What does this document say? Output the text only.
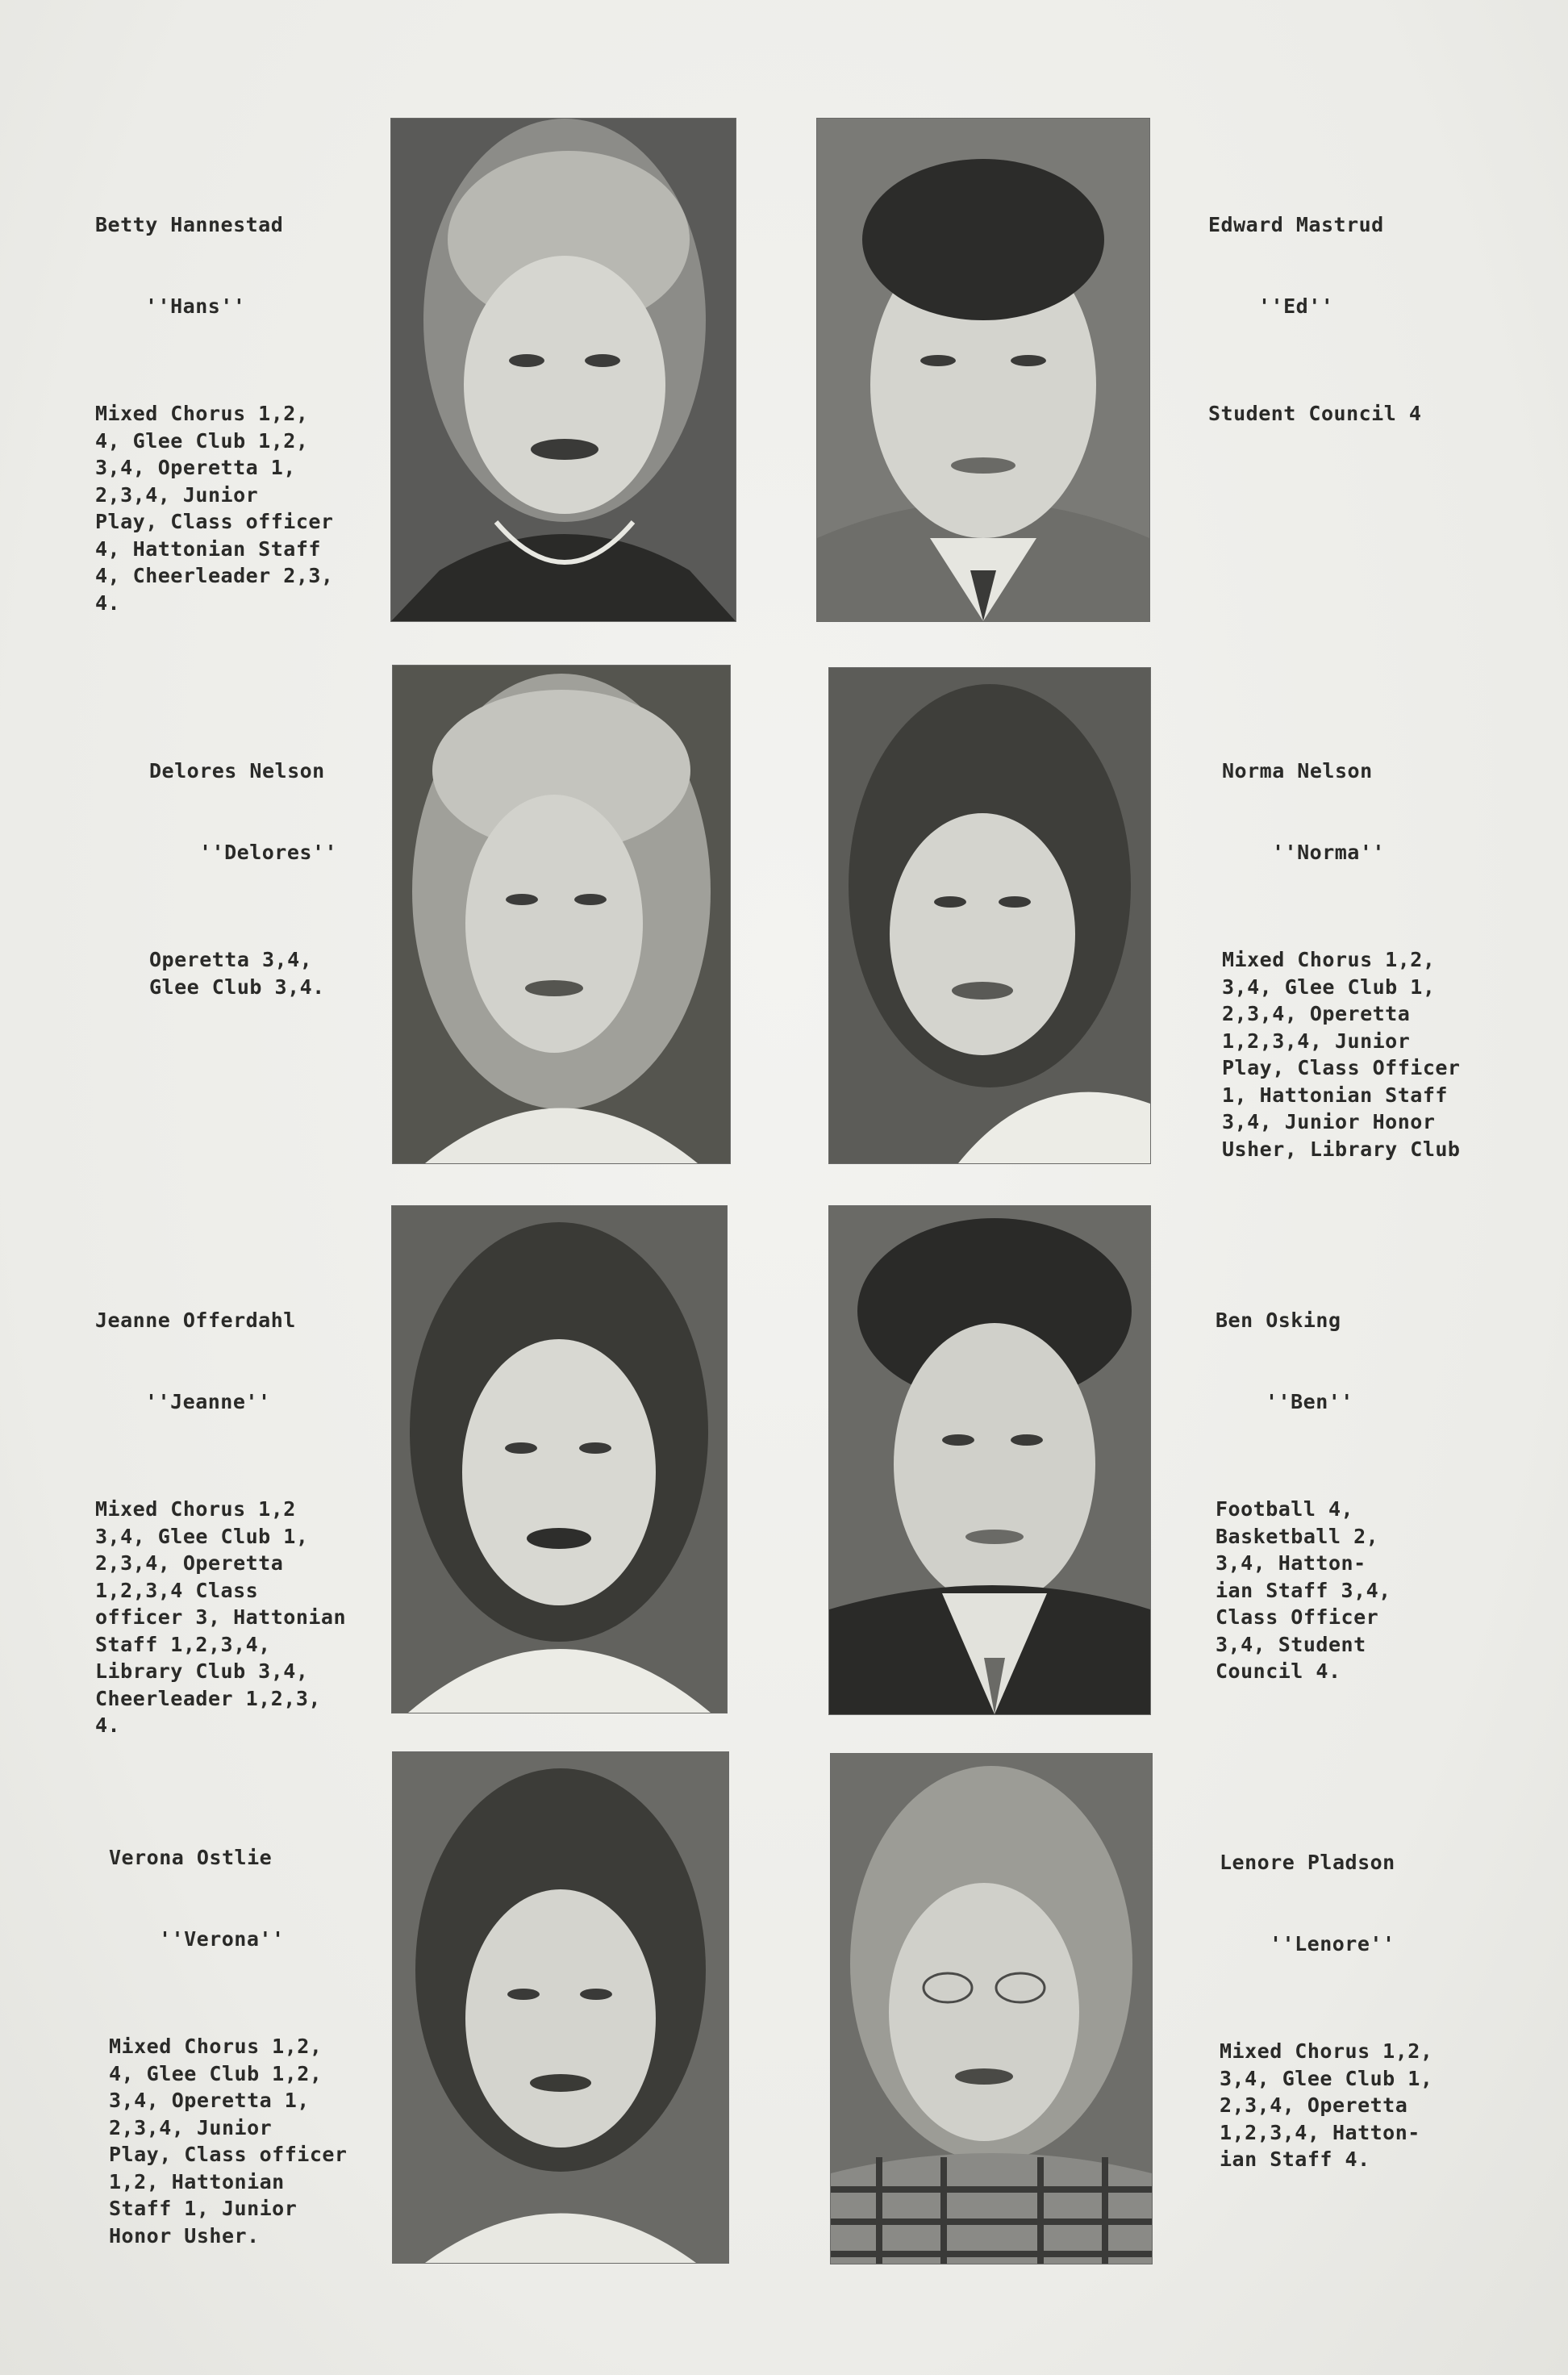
Betty Hannestad

''Hans''

Mixed Chorus 1,2,
4, Glee Club 1,2,
3,4, Operetta 1,
2,3,4, Junior
Play, Class officer
4, Hattonian Staff
4, Cheerleader 2,3,
4.

Edward Mastrud

''Ed''

Student Council 4

Delores Nelson

''Delores''

Operetta 3,4,
Glee Club 3,4.

Norma Nelson

''Norma''

Mixed Chorus 1,2,
3,4, Glee Club 1,
2,3,4, Operetta
1,2,3,4, Junior
Play, Class Officer
1, Hattonian Staff
3,4, Junior Honor
Usher, Library Club

Jeanne Offerdahl

''Jeanne''

Mixed Chorus 1,2
3,4, Glee Club 1,
2,3,4, Operetta
1,2,3,4 Class
officer 3, Hattonian
Staff 1,2,3,4,
Library Club 3,4,
Cheerleader 1,2,3,
4.

Ben Osking

''Ben''

Football 4,
Basketball 2,
3,4, Hatton-
ian Staff 3,4,
Class Officer
3,4, Student
Council 4.

Verona Ostlie

''Verona''

Mixed Chorus 1,2,
4, Glee Club 1,2,
3,4, Operetta 1,
2,3,4, Junior
Play, Class officer
1,2, Hattonian
Staff 1, Junior
Honor Usher.

Lenore Pladson

''Lenore''

Mixed Chorus 1,2,
3,4, Glee Club 1,
2,3,4, Operetta
1,2,3,4, Hatton-
ian Staff 4.
